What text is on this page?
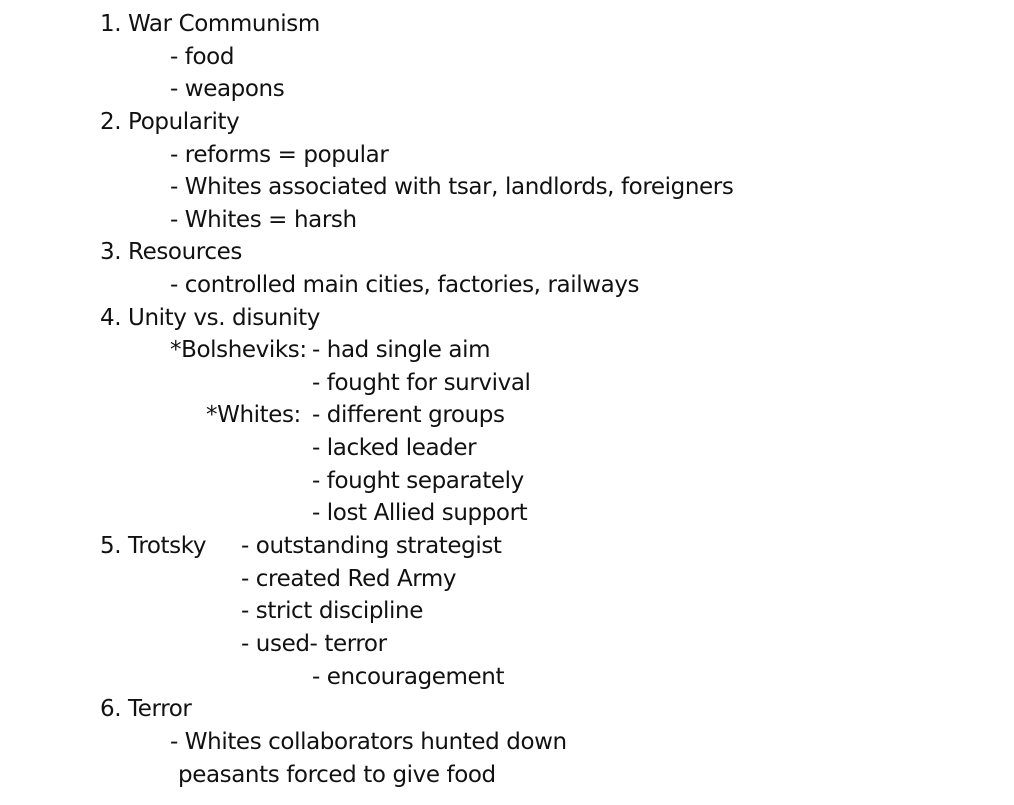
1. War Communism
- food
- weapons
2. Popularity
- reforms = popular
- Whites associated with tsar, landlords, foreigners
- Whites = harsh
3. Resources
- controlled main cities, factories, railways
4. Unity vs. disunity
*Bolsheviks: - had single aim
- fought for survival
*Whites: - different groups
- lacked leader
- fought separately
- lost Allied support
5. Trotsky - outstanding strategist
- created Red Army
- strict discipline
- used- terror
- encouragement
6. Terror
- Whites collaborators hunted down
peasants forced to give food
